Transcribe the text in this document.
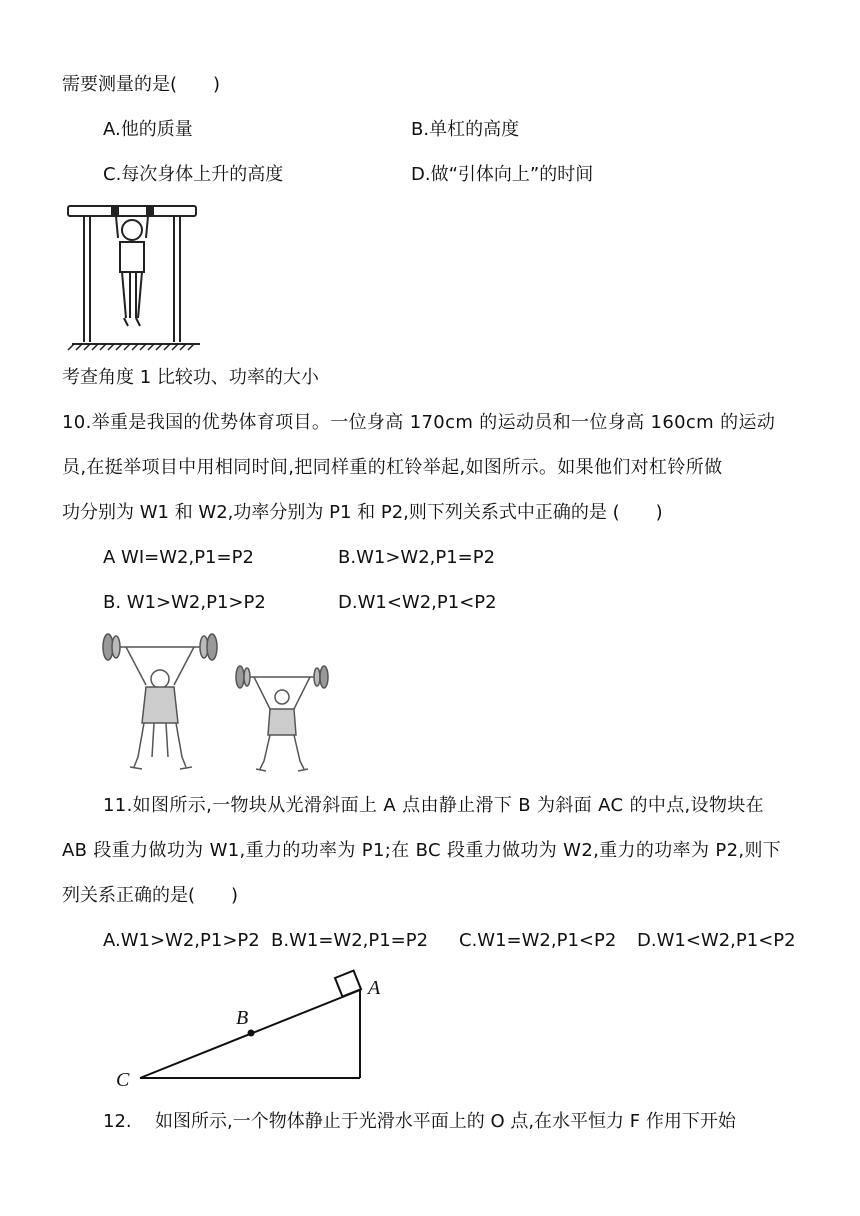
需要测量的是(　　)
A.他的质量	B.单杠的高度
C.每次身体上升的高度	D.做“引体向上”的时间
考查角度 1 比较功、功率的大小
10.举重是我国的优势体育项目。一位身高 170cm 的运动员和一位身高 160cm 的运动
员,在挺举项目中用相同时间,把同样重的杠铃举起,如图所示。如果他们对杠铃所做
功分别为 W1 和 W2,功率分别为 P1 和 P2,则下列关系式中正确的是 (　　)
A WI=W2,P1=P2	B.W1>W2,P1=P2
B. W1>W2,P1>P2	D.W1<W2,P1<P2
11.如图所示,一物块从光滑斜面上 A 点由静止滑下 B 为斜面 AC 的中点,设物块在
AB 段重力做功为 W1,重力的功率为 P1;在 BC 段重力做功为 W2,重力的功率为 P2,则下
列关系正确的是(　　)
A.W1>W2,P1>P2 B.W1=W2,P1=P2 C.W1=W2,P1<P2 D.W1<W2,P1<P2
B
A
C
12. 如图所示,一个物体静止于光滑水平面上的 O 点,在水平恒力 F 作用下开始
